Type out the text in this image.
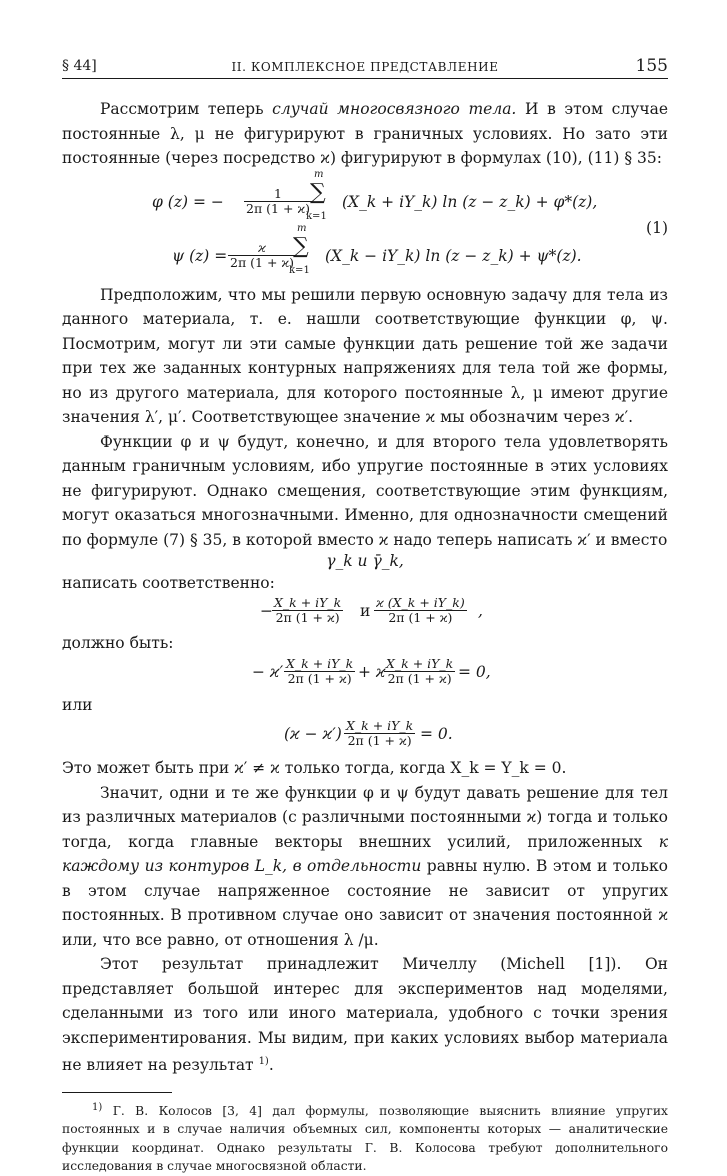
§ 44]	II. КОМПЛЕКСНОЕ ПРЕДСТАВЛЕНИЕ	155

Рассмотрим теперь случай многосвязного тела. И в этом случае постоянные λ, μ не фигурируют в граничных условиях. Но зато эти постоянные (через посредство ϰ) фигурируют в формулах (10), (11) § 35:

φ (z) = − $\frac{1}{2\pi (1 + ϰ)}$
m
∑
k=1
(X_k + iY_k) ln (z − z_k) + φ*(z),
ψ $(z) = \frac{ϰ}{2\pi (1 + ϰ)}$
m
∑
k=1
(X_k − iY_k) ln (z − z_k) + ψ*(z).
(1)

Предположим, что мы решили первую основную задачу для тела из данного материала, т. е. нашли соответствующие функции φ, ψ. Посмотрим, могут ли эти самые функции дать решение той же задачи при тех же заданных контурных напряжениях для тела той же формы, но из другого материала, для которого постоянные λ, μ имеют другие значения λ′, μ′. Соответствующее значение ϰ мы обозначим через ϰ′.

Функции φ и ψ будут, конечно, и для второго тела удовлетворять данным граничным условиям, ибо упругие постоянные в этих условиях не фигурируют. Однако смещения, соответствующие этим функциям, могут оказаться многозначными. Именно, для однозначности смещений по формуле (7) § 35, в которой вместо ϰ надо теперь написать ϰ′ и вместо

γ_k и γ̄_k,

написать соответственно:

− $\frac{X\_k + iY\_k}{2\pi (1 + ϰ)}$ и $\frac{ϰ (X\_k + iY\_k)}{2\pi (1 + ϰ)}$ ,

должно быть:

− $ϰ' \frac{X\_k + iY\_k}{2\pi (1 + ϰ)} + ϰ$
$\frac{X\_k + iY\_k}{2\pi (1 + ϰ)} = 0$,

или

$(ϰ - ϰ') \frac{X\_k + iY\_k}{2\pi (1 + ϰ)} = 0$.

Это может быть при ϰ′ ≠ ϰ только тогда, когда X_k = Y_k = 0.

Значит, одни и те же функции φ и ψ будут давать решение для тел из различных материалов (с различными постоянными ϰ) тогда и только тогда, когда главные векторы внешних усилий, приложенных к каждому из контуров L_k, в отдельности равны нулю. В этом и только в этом случае напряженное состояние не зависит от упругих постоянных. В противном случае оно зависит от значения постоянной ϰ или, что все равно, от отношения λ /μ.

Этот результат принадлежит Мичеллу (Michell [1]). Он представляет большой интерес для экспериментов над моделями, сделанными из того или иного материала, удобного с точки зрения экспериментирования. Мы видим, при каких условиях выбор материала не влияет на результат $^{1)}$.

$^{1)}$ Г. В. Колосов [3, 4] дал формулы, позволяющие выяснить влияние упругих постоянных и в случае наличия объемных сил, компоненты которых — аналитические функции координат. Однако результаты Г. В. Колосова требуют дополнительного исследования в случае многосвязной области.
